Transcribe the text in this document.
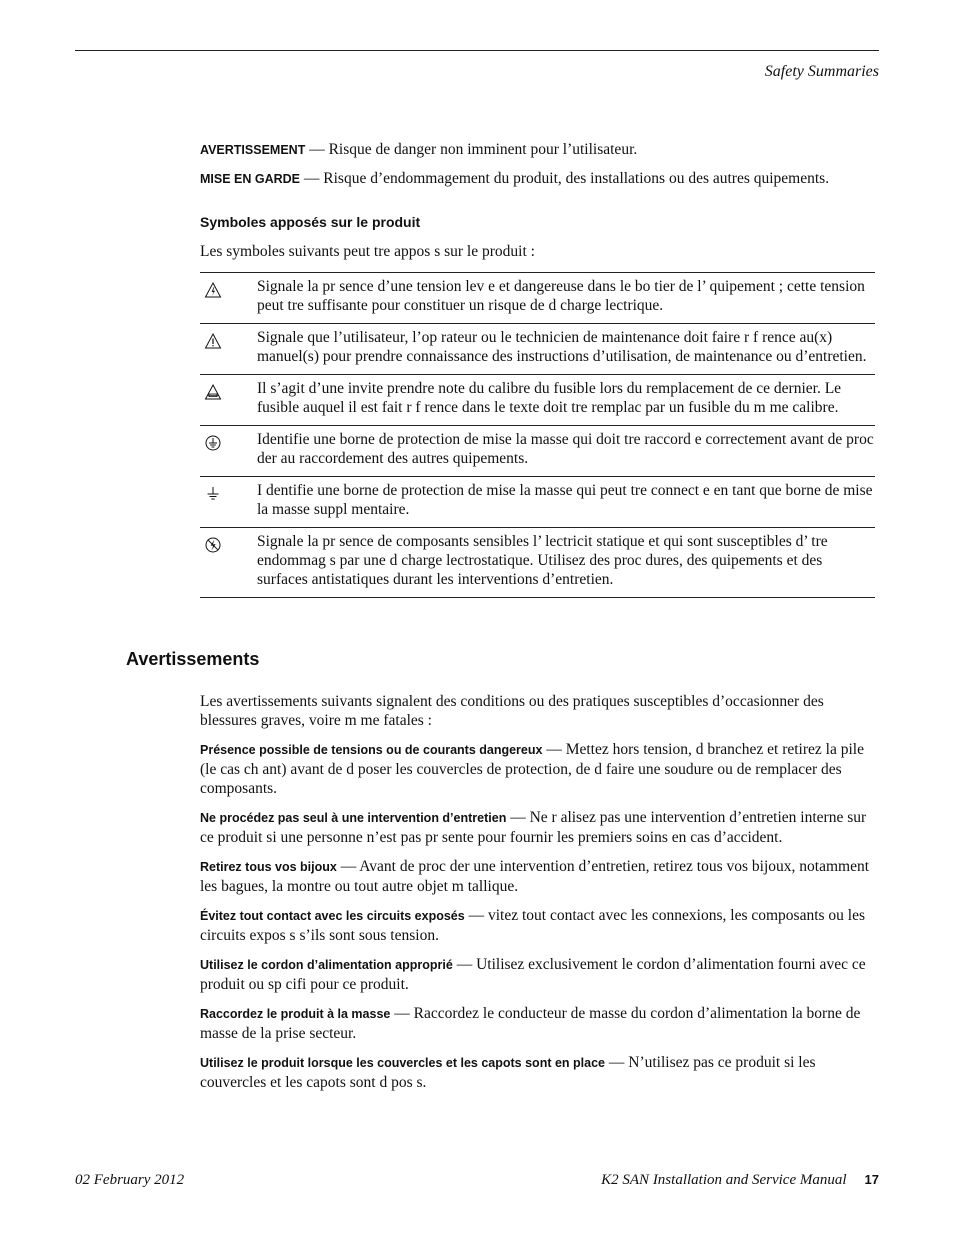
Safety Summaries

AVERTISSEMENT — Risque de danger non imminent pour l’utilisateur.

MISE EN GARDE — Risque d’endommagement du produit, des installations ou des autres quipements.

Symboles apposés sur le produit

Les symboles suivants peut tre appos s sur le produit :

Signale la pr sence d’une tension lev e et dangereuse dans le bo tier de l’ quipement ; cette tension peut tre suffisante pour constituer un risque de d charge lectrique.
Signale que l’utilisateur, l’op rateur ou le technicien de maintenance doit faire r f rence au(x) manuel(s) pour prendre connaissance des instructions d’utilisation, de maintenance ou d’entretien.
Il s’agit d’une invite prendre note du calibre du fusible lors du remplacement de ce dernier. Le fusible auquel il est fait r f rence dans le texte doit tre remplac par un fusible du m me calibre.
Identifie une borne de protection de mise la masse qui doit tre raccord e correctement avant de proc der au raccordement des autres quipements.
I dentifie une borne de protection de mise la masse qui peut tre connect e en tant que borne de mise la masse suppl mentaire.
Signale la pr sence de composants sensibles l’ lectricit statique et qui sont susceptibles d’ tre endommag s par une d charge lectrostatique. Utilisez des proc dures, des quipements et des surfaces antistatiques durant les interventions d’entretien.
Avertissements

Les avertissements suivants signalent des conditions ou des pratiques susceptibles d’occasionner des blessures graves, voire m me fatales :

Présence possible de tensions ou de courants dangereux — Mettez hors tension, d branchez et retirez la pile (le cas ch ant) avant de d poser les couvercles de protection, de d faire une soudure ou de remplacer des composants.

Ne procédez pas seul à une intervention d’entretien — Ne r alisez pas une intervention d’entretien interne sur ce produit si une personne n’est pas pr sente pour fournir les premiers soins en cas d’accident.

Retirez tous vos bijoux — Avant de proc der une intervention d’entretien, retirez tous vos bijoux, notamment les bagues, la montre ou tout autre objet m tallique.

Évitez tout contact avec les circuits exposés — vitez tout contact avec les connexions, les composants ou les circuits expos s s’ils sont sous tension.

Utilisez le cordon d’alimentation approprié — Utilisez exclusivement le cordon d’alimentation fourni avec ce produit ou sp cifi pour ce produit.

Raccordez le produit à la masse — Raccordez le conducteur de masse du cordon d’alimentation la borne de masse de la prise secteur.

Utilisez le produit lorsque les couvercles et les capots sont en place — N’utilisez pas ce produit si les couvercles et les capots sont d pos s.

02 February 2012	K2 SAN Installation and Service Manual 17
